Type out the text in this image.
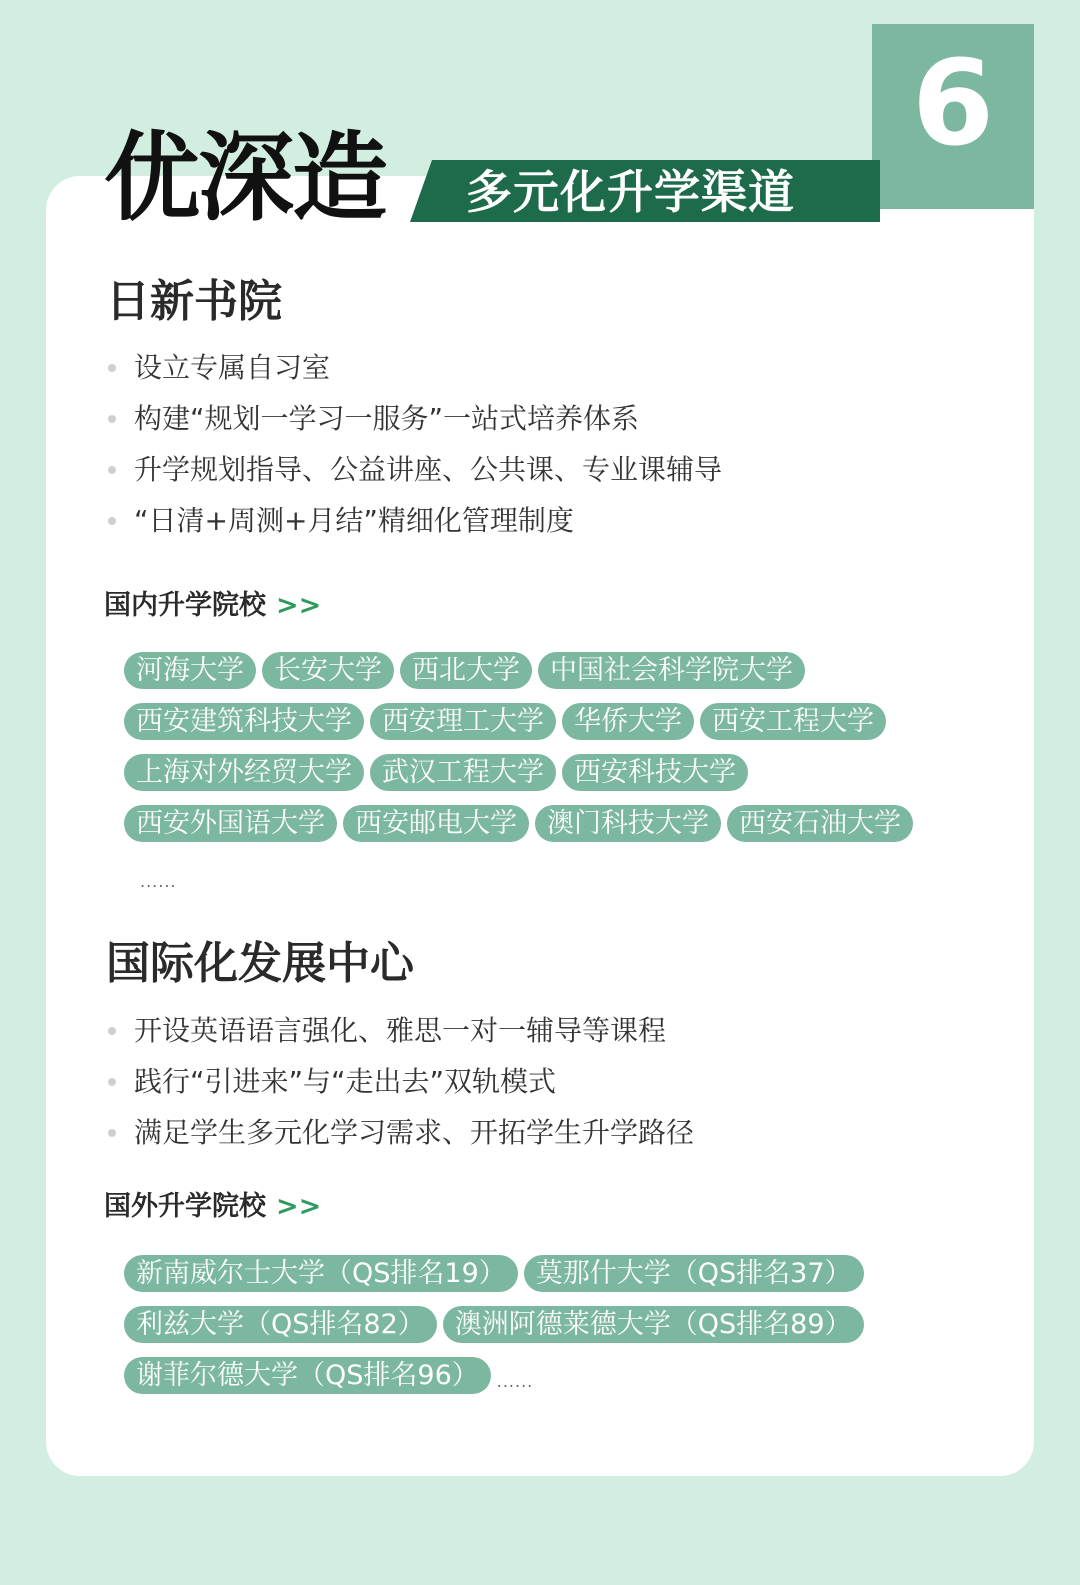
6
优深造 多元化升学渠道
日新书院
设立专属自习室
构建“规划一学习一服务”一站式培养体系
升学规划指导、公益讲座、公共课、专业课辅导
“日清+周测+月结”精细化管理制度
国内升学院校 >>
河海大学	长安大学	西北大学	中国社会科学院大学
西安建筑科技大学	西安理工大学	华侨大学	西安工程大学
上海对外经贸大学	武汉工程大学	西安科技大学
西安外国语大学	西安邮电大学	澳门科技大学	西安石油大学
......
国际化发展中心
开设英语语言强化、雅思一对一辅导等课程
践行“引进来”与“走出去”双轨模式
满足学生多元化学习需求、开拓学生升学路径
国外升学院校 >>
新南威尔士大学（QS排名19）	莫那什大学（QS排名37）
利兹大学（QS排名82）	澳洲阿德莱德大学（QS排名89）
谢菲尔德大学（QS排名96）	......
